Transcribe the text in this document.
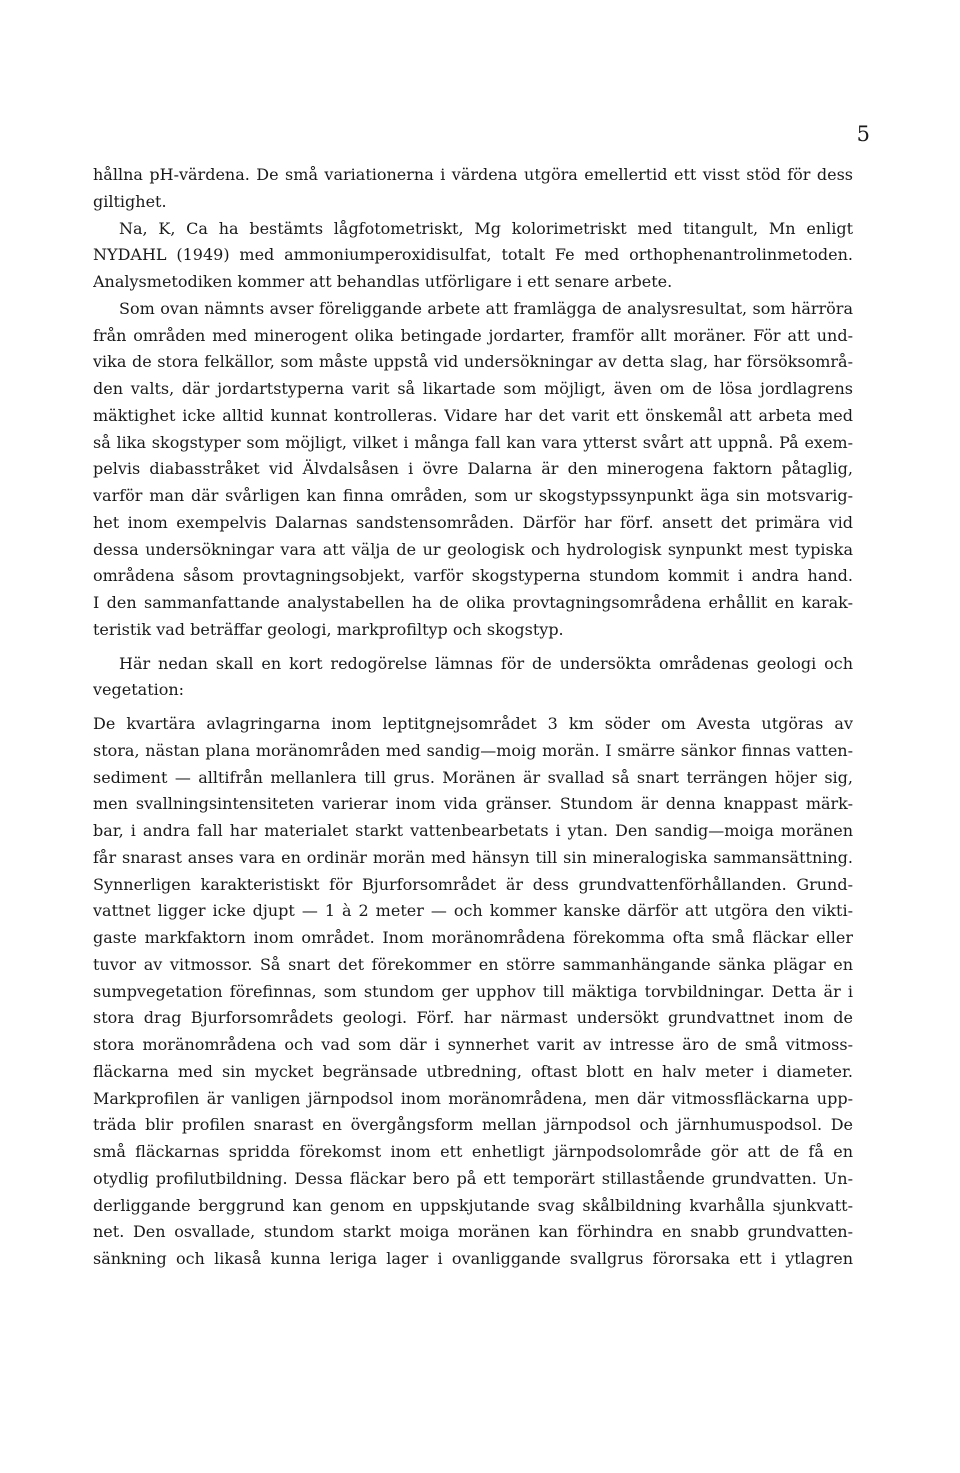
5
hållna pH-värdena. De små variationerna i värdena utgöra emellertid ett visst stöd för dess
giltighet.
Na, K, Ca ha bestämts lågfotometriskt, Mg kolorimetriskt med titangult, Mn enligt
NYDAHL (1949) med ammoniumperoxidisulfat, totalt Fe med orthophenantrolinmetoden.
Analysmetodiken kommer att behandlas utförligare i ett senare arbete.
Som ovan nämnts avser föreliggande arbete att framlägga de analysresultat, som härröra
från områden med minerogent olika betingade jordarter, framför allt moräner. För att und-
vika de stora felkällor, som måste uppstå vid undersökningar av detta slag, har försöksområ-
den valts, där jordartstyperna varit så likartade som möjligt, även om de lösa jordlagrens
mäktighet icke alltid kunnat kontrolleras. Vidare har det varit ett önskemål att arbeta med
så lika skogstyper som möjligt, vilket i många fall kan vara ytterst svårt att uppnå. På exem-
pelvis diabasstråket vid Älvdalsåsen i övre Dalarna är den minerogena faktorn påtaglig,
varför man där svårligen kan finna områden, som ur skogstypssynpunkt äga sin motsvarig-
het inom exempelvis Dalarnas sandstensområden. Därför har förf. ansett det primära vid
dessa undersökningar vara att välja de ur geologisk och hydrologisk synpunkt mest typiska
områdena såsom provtagningsobjekt, varför skogstyperna stundom kommit i andra hand.
I den sammanfattande analystabellen ha de olika provtagningsområdena erhållit en karak-
teristik vad beträffar geologi, markprofiltyp och skogstyp.
Här nedan skall en kort redogörelse lämnas för de undersökta områdenas geologi och
vegetation:
De kvartära avlagringarna inom leptitgnejsområdet 3 km söder om Avesta utgöras av
stora, nästan plana moränområden med sandig—moig morän. I smärre sänkor finnas vatten-
sediment — alltifrån mellanlera till grus. Moränen är svallad så snart terrängen höjer sig,
men svallningsintensiteten varierar inom vida gränser. Stundom är denna knappast märk-
bar, i andra fall har materialet starkt vattenbearbetats i ytan. Den sandig—moiga moränen
får snarast anses vara en ordinär morän med hänsyn till sin mineralogiska sammansättning.
Synnerligen karakteristiskt för Bjurforsområdet är dess grundvattenförhållanden. Grund-
vattnet ligger icke djupt — 1 à 2 meter — och kommer kanske därför att utgöra den vikti-
gaste markfaktorn inom området. Inom moränområdena förekomma ofta små fläckar eller
tuvor av vitmossor. Så snart det förekommer en större sammanhängande sänka plägar en
sumpvegetation förefinnas, som stundom ger upphov till mäktiga torvbildningar. Detta är i
stora drag Bjurforsområdets geologi. Förf. har närmast undersökt grundvattnet inom de
stora moränområdena och vad som där i synnerhet varit av intresse äro de små vitmoss-
fläckarna med sin mycket begränsade utbredning, oftast blott en halv meter i diameter.
Markprofilen är vanligen järnpodsol inom moränområdena, men där vitmossfläckarna upp-
träda blir profilen snarast en övergångsform mellan järnpodsol och järnhumuspodsol. De
små fläckarnas spridda förekomst inom ett enhetligt järnpodsolområde gör att de få en
otydlig profilutbildning. Dessa fläckar bero på ett temporärt stillastående grundvatten. Un-
derliggande berggrund kan genom en uppskjutande svag skålbildning kvarhålla sjunkvatt-
net. Den osvallade, stundom starkt moiga moränen kan förhindra en snabb grundvatten-
sänkning och likaså kunna leriga lager i ovanliggande svallgrus förorsaka ett i ytlagren
